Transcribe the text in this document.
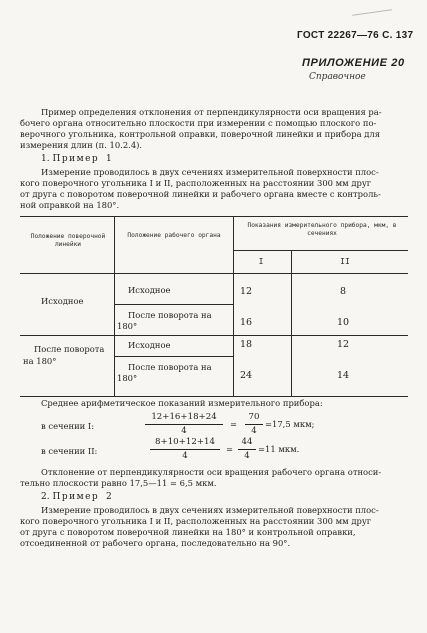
ГОСТ 22267—76 С. 137
ПРИЛОЖЕНИЕ 20
Справочное
Пример определения отклонения от перпендикулярности оси вращения ра-
бочего органа относительно плоскости при измерении с помощью плоского по-
верочного угольника, контрольной оправки, поверочной линейки и прибора для
измерения длин (п. 10.2.4).
1. Пример 1
Измерение проводилось в двух сечениях измерительной поверхности плос-
кого поверочного угольника I и II, расположенных на расстоянии 300 мм друг
от друга с поворотом поверочной линейки и рабочего органа вместе с контроль-
ной оправкой на 180°.
Положение поверочной линейки
Положение рабочего органа
Показания измерительного прибора, мкм, в сечениях
I	II
Исходное
Исходное	12	8
После поворота на 180°	16	10
После поворота на 180°
Исходное	18	12
После поворота на 180°	24	14
Среднее арифметическое показаний измерительного прибора:
в сечении I:
12+16+18+24
4
=
70
4
=17,5 мкм;
в сечении II:
8+10+12+14
4
=
44
4
=11 мкм.
Отклонение от перпендикулярности оси вращения рабочего органа относи-
тельно плоскости равно 17,5—11 = 6,5 мкм.
2. Пример 2
Измерение проводилось в двух сечениях измерительной поверхности плос-
кого поверочного угольника I и II, расположенных на расстоянии 300 мм друг
от друга с поворотом поверочной линейки на 180° и контрольной оправки,
отсоединенной от рабочего органа, последовательно на 90°.
